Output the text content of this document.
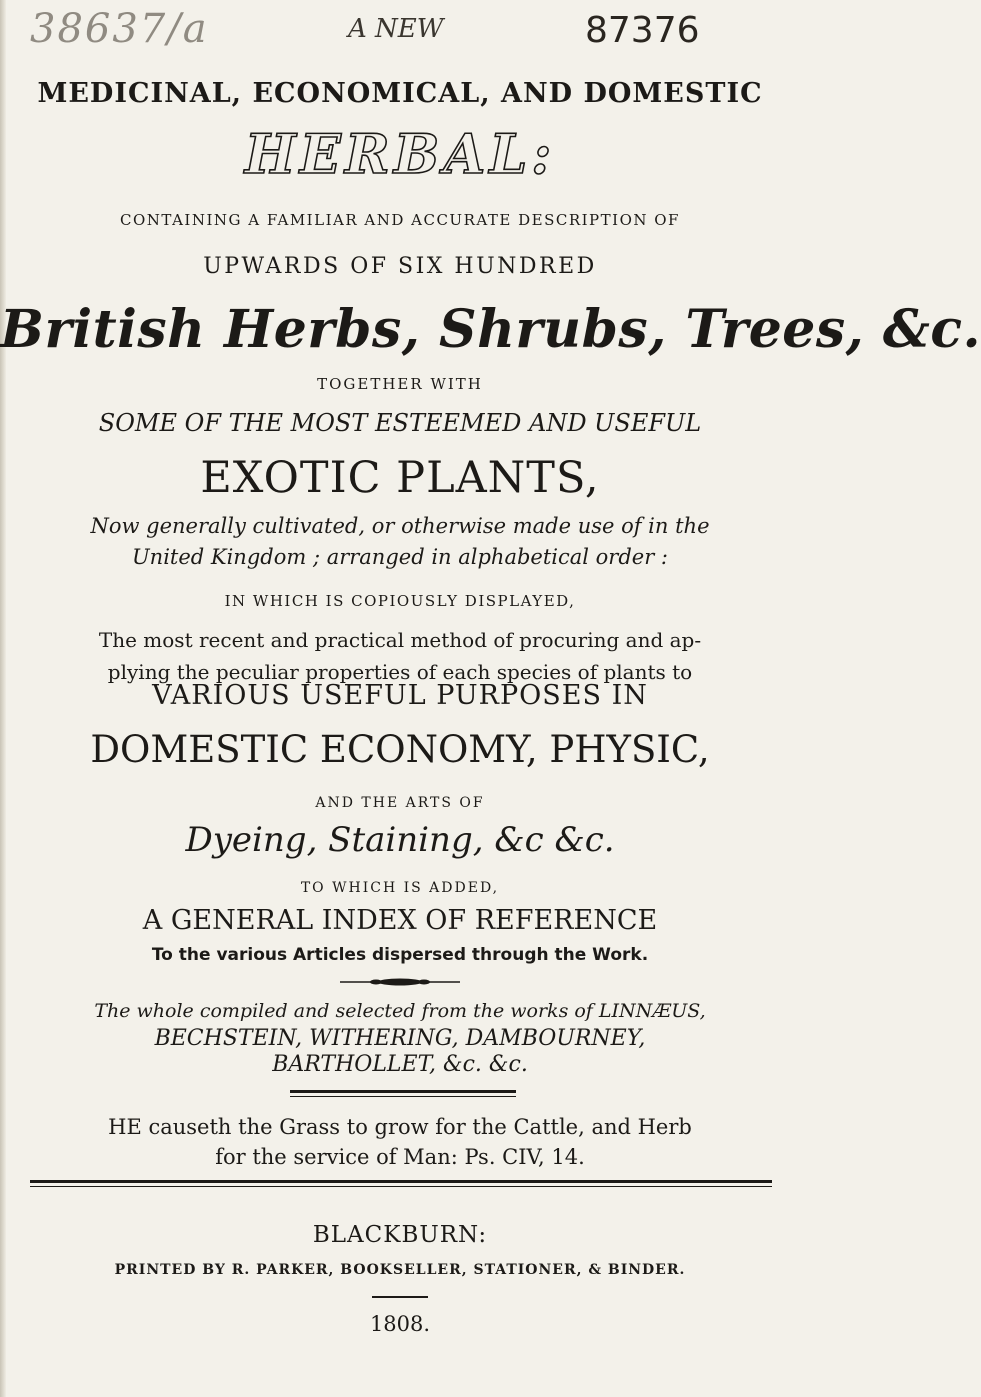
38637/a	A NEW	87376
MEDICINAL, ECONOMICAL, AND DOMESTIC
HERBAL:
CONTAINING A FAMILIAR AND ACCURATE DESCRIPTION OF
UPWARDS OF SIX HUNDRED
British Herbs, Shrubs, Trees, &c.
TOGETHER WITH
SOME OF THE MOST ESTEEMED AND USEFUL
EXOTIC PLANTS,
Now generally cultivated, or otherwise made use of in the
United Kingdom ; arranged in alphabetical order :
IN WHICH IS COPIOUSLY DISPLAYED,
The most recent and practical method of procuring and ap-
plying the peculiar properties of each species of plants to
VARIOUS USEFUL PURPOSES IN
DOMESTIC ECONOMY, PHYSIC,
AND THE ARTS OF
Dyeing, Staining, &c &c.
TO WHICH IS ADDED,
A GENERAL INDEX OF REFERENCE
To the various Articles dispersed through the Work.
The whole compiled and selected from the works of LINNÆUS,
BECHSTEIN, WITHERING, DAMBOURNEY,
BARTHOLLET, &c. &c.
HE causeth the Grass to grow for the Cattle, and Herb
for the service of Man: Ps. CIV, 14.
BLACKBURN:
PRINTED BY R. PARKER, BOOKSELLER, STATIONER, & BINDER.
1808.
